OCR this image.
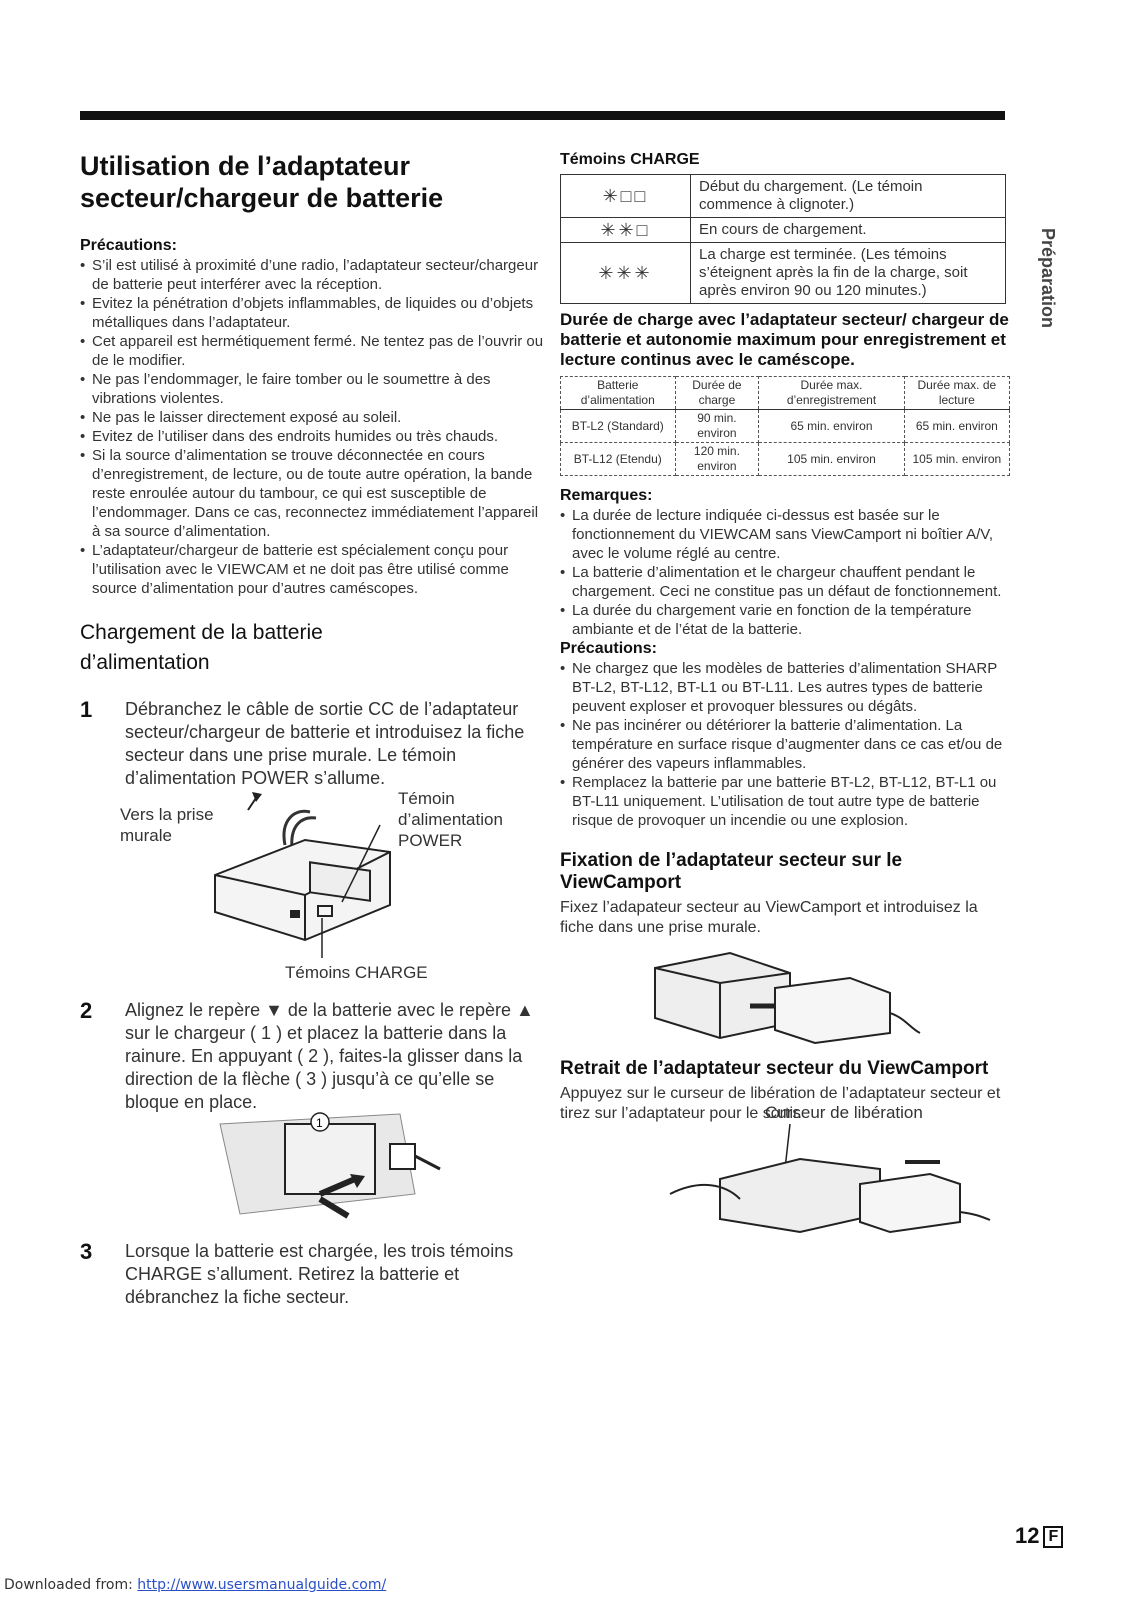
Utilisation de l’adaptateur secteur/chargeur de batterie

Précautions:

• S’il est utilisé à proximité d’une radio, l’adaptateur secteur/chargeur de batterie peut interférer avec la réception.
• Evitez la pénétration d’objets inflammables, de liquides ou d’objets métalliques dans l’adaptateur.
• Cet appareil est hermétiquement fermé. Ne tentez pas de l’ouvrir ou de le modifier.
• Ne pas l’endommager, le faire tomber ou le soumettre à des vibrations violentes.
• Ne pas le laisser directement exposé au soleil.
• Evitez de l’utiliser dans des endroits humides ou très chauds.
• Si la source d’alimentation se trouve déconnectée en cours d’enregistrement, de lecture, ou de toute autre opération, la bande reste enroulée autour du tambour, ce qui est susceptible de l’endommager. Dans ce cas, reconnectez immédiatement l’appareil à sa source d’alimentation.
• L’adaptateur/chargeur de batterie est spécialement conçu pour l’utilisation avec le VIEWCAM et ne doit pas être utilisé comme source d’alimentation pour d’autres caméscopes.
Chargement de la batterie d’alimentation
1 Débranchez le câble de sortie CC de l’adaptateur secteur/chargeur de batterie et introduisez la fiche secteur dans une prise murale. Le témoin d’alimentation POWER s’allume.
Vers la prise murale
Témoin d’alimentation POWER
Témoins CHARGE
2 Alignez le repère ▼ de la batterie avec le repère ▲ sur le chargeur ( 1 ) et placez la batterie dans la rainure. En appuyant ( 2 ), faites-la glisser dans la direction de la flèche ( 3 ) jusqu’à ce qu’elle se bloque en place.
1
3 Lorsque la batterie est chargée, les trois témoins CHARGE s’allument. Retirez la batterie et débranchez la fiche secteur.

Témoins CHARGE

✳□□	Début du chargement. (Le témoin commence à clignoter.)
✳✳□	En cours de chargement.
✳✳✳	La charge est terminée. (Les témoins s’éteignent après la fin de la charge, soit après environ 90 ou 120 minutes.)
Durée de charge avec l’adaptateur secteur/ chargeur de batterie et autonomie maximum pour enregistrement et lecture continus avec le caméscope.
Batterie d’alimentation	Durée de charge	Durée max. d’enregistrement	Durée max. de lecture
BT-L2 (Standard)	90 min. environ	65 min. environ	65 min. environ
BT-L12 (Etendu)	120 min. environ	105 min. environ	105 min. environ

Remarques:

• La durée de lecture indiquée ci-dessus est basée sur le fonctionnement du VIEWCAM sans ViewCamport ni boîtier A/V, avec le volume réglé au centre.
• La batterie d’alimentation et le chargeur chauffent pendant le chargement. Ceci ne constitue pas un défaut de fonctionnement.
• La durée du chargement varie en fonction de la température ambiante et de l’état de la batterie.

Précautions:

• Ne chargez que les modèles de batteries d’alimentation SHARP BT-L2, BT-L12, BT-L1 ou BT-L11. Les autres types de batterie peuvent exploser et provoquer blessures ou dégâts.
• Ne pas incinérer ou détériorer la batterie d’alimentation. La température en surface risque d’augmenter dans ce cas et/ou de générer des vapeurs inflammables.
• Remplacez la batterie par une batterie BT-L2, BT-L12, BT-L1 ou BT-L11 uniquement. L’utilisation de tout autre type de batterie risque de provoquer un incendie ou une explosion.
Fixation de l’adaptateur secteur sur le ViewCamport

Fixez l’adapateur secteur au ViewCamport et introduisez la fiche dans une prise murale.

Retrait de l’adaptateur secteur du ViewCamport

Appuyez sur le curseur de libération de l’adaptateur secteur et tirez sur l’adaptateur pour le sortir.

Curseur de libération
Préparation
12 F
Downloaded from: http://www.usersmanualguide.com/
